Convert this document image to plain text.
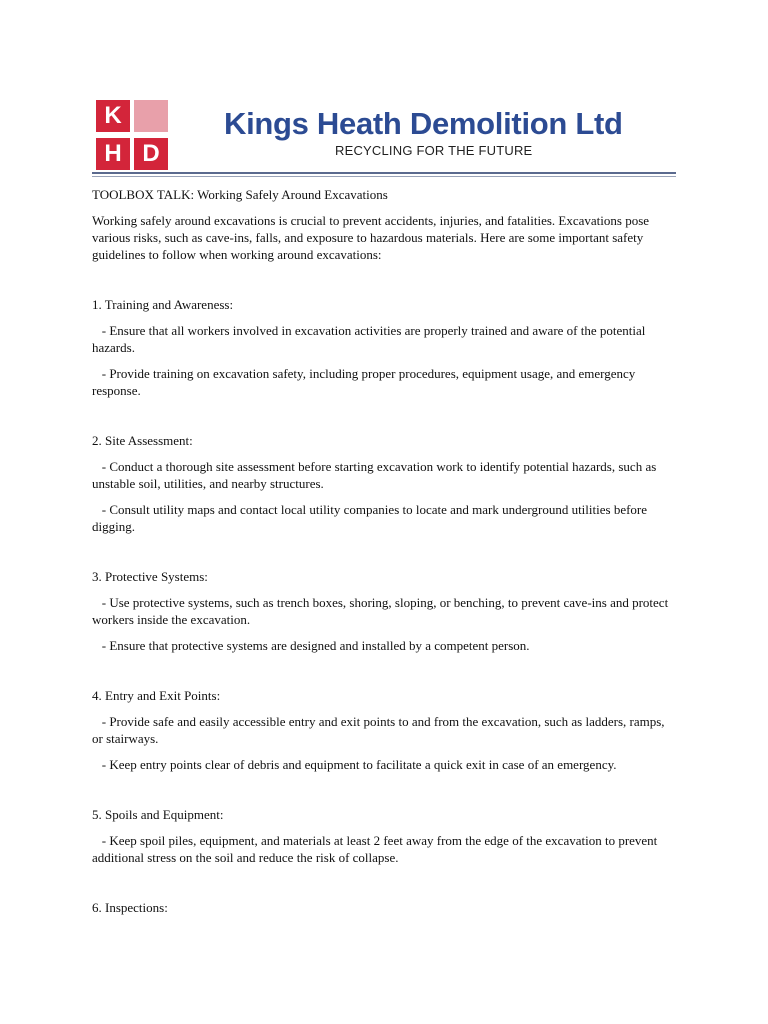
K
H D
Kings Heath Demolition Ltd
RECYCLING FOR THE FUTURE

TOOLBOX TALK: Working Safely Around Excavations

Working safely around excavations is crucial to prevent accidents, injuries, and fatalities. Excavations pose various risks, such as cave-ins, falls, and exposure to hazardous materials. Here are some important safety guidelines to follow when working around excavations:

1. Training and Awareness:

- Ensure that all workers involved in excavation activities are properly trained and aware of the potential hazards.

- Provide training on excavation safety, including proper procedures, equipment usage, and emergency response.

2. Site Assessment:

- Conduct a thorough site assessment before starting excavation work to identify potential hazards, such as unstable soil, utilities, and nearby structures.

- Consult utility maps and contact local utility companies to locate and mark underground utilities before digging.

3. Protective Systems:

- Use protective systems, such as trench boxes, shoring, sloping, or benching, to prevent cave-ins and protect workers inside the excavation.

- Ensure that protective systems are designed and installed by a competent person.

4. Entry and Exit Points:

- Provide safe and easily accessible entry and exit points to and from the excavation, such as ladders, ramps, or stairways.

- Keep entry points clear of debris and equipment to facilitate a quick exit in case of an emergency.

5. Spoils and Equipment:

- Keep spoil piles, equipment, and materials at least 2 feet away from the edge of the excavation to prevent additional stress on the soil and reduce the risk of collapse.

6. Inspections:
